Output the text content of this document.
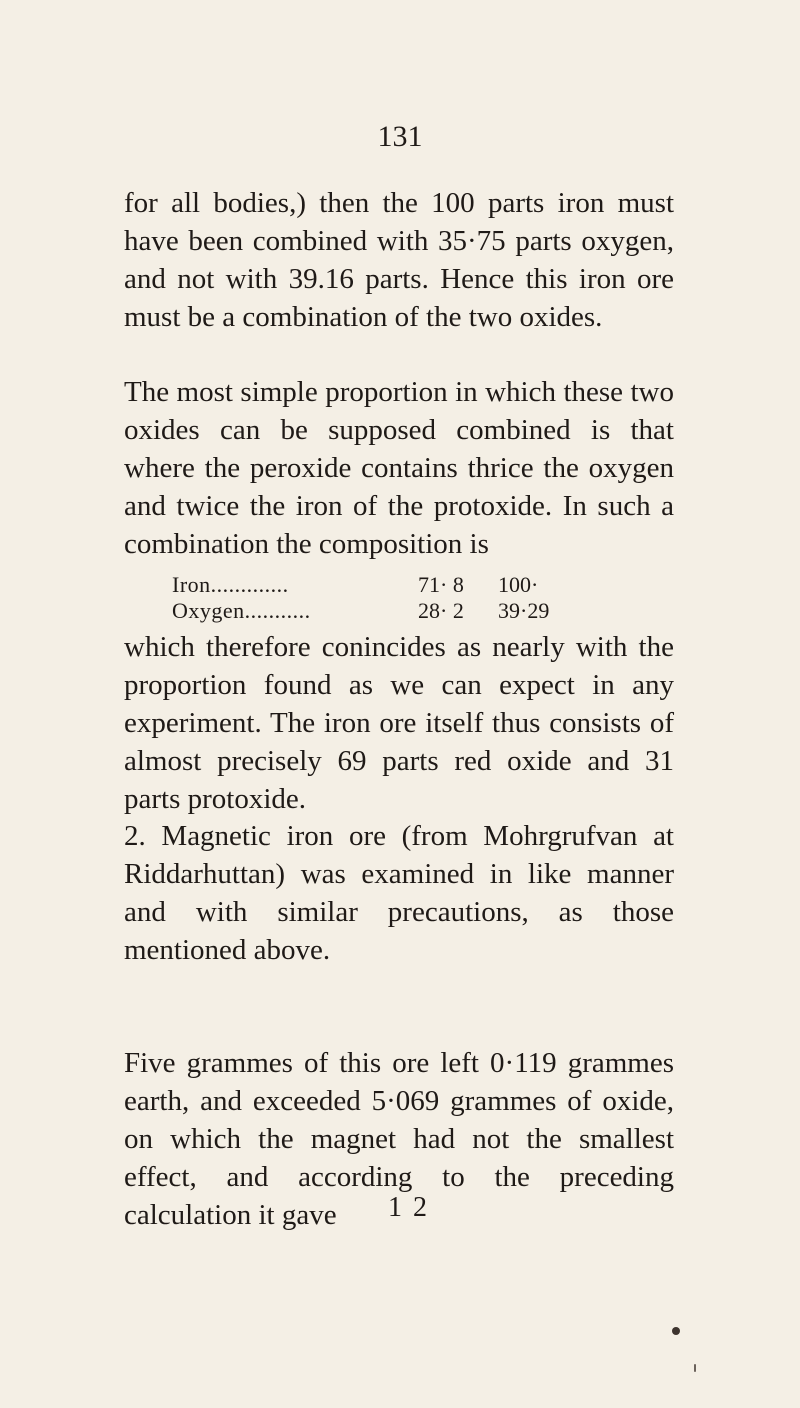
131

for all bodies,) then the 100 parts iron must have been combined with 35·75 parts oxygen, and not with 39.16 parts. Hence this iron ore must be a combination of the two oxides.

The most simple proportion in which these two oxides can be supposed combined is that where the peroxide contains thrice the oxygen and twice the iron of the protoxide. In such a combination the composition is

Iron.............	71· 8	100·
Oxygen...........	28· 2	39·29

which therefore conincides as nearly with the proportion found as we can expect in any experiment. The iron ore itself thus consists of almost precisely 69 parts red oxide and 31 parts protoxide.

2. Magnetic iron ore (from Mohrgrufvan at Riddarhuttan) was examined in like manner and with similar precautions, as those mentioned above.

Five grammes of this ore left 0·119 grammes earth, and exceeded 5·069 grammes of oxide, on which the magnet had not the smallest effect, and according to the preceding calculation it gave	1 2
